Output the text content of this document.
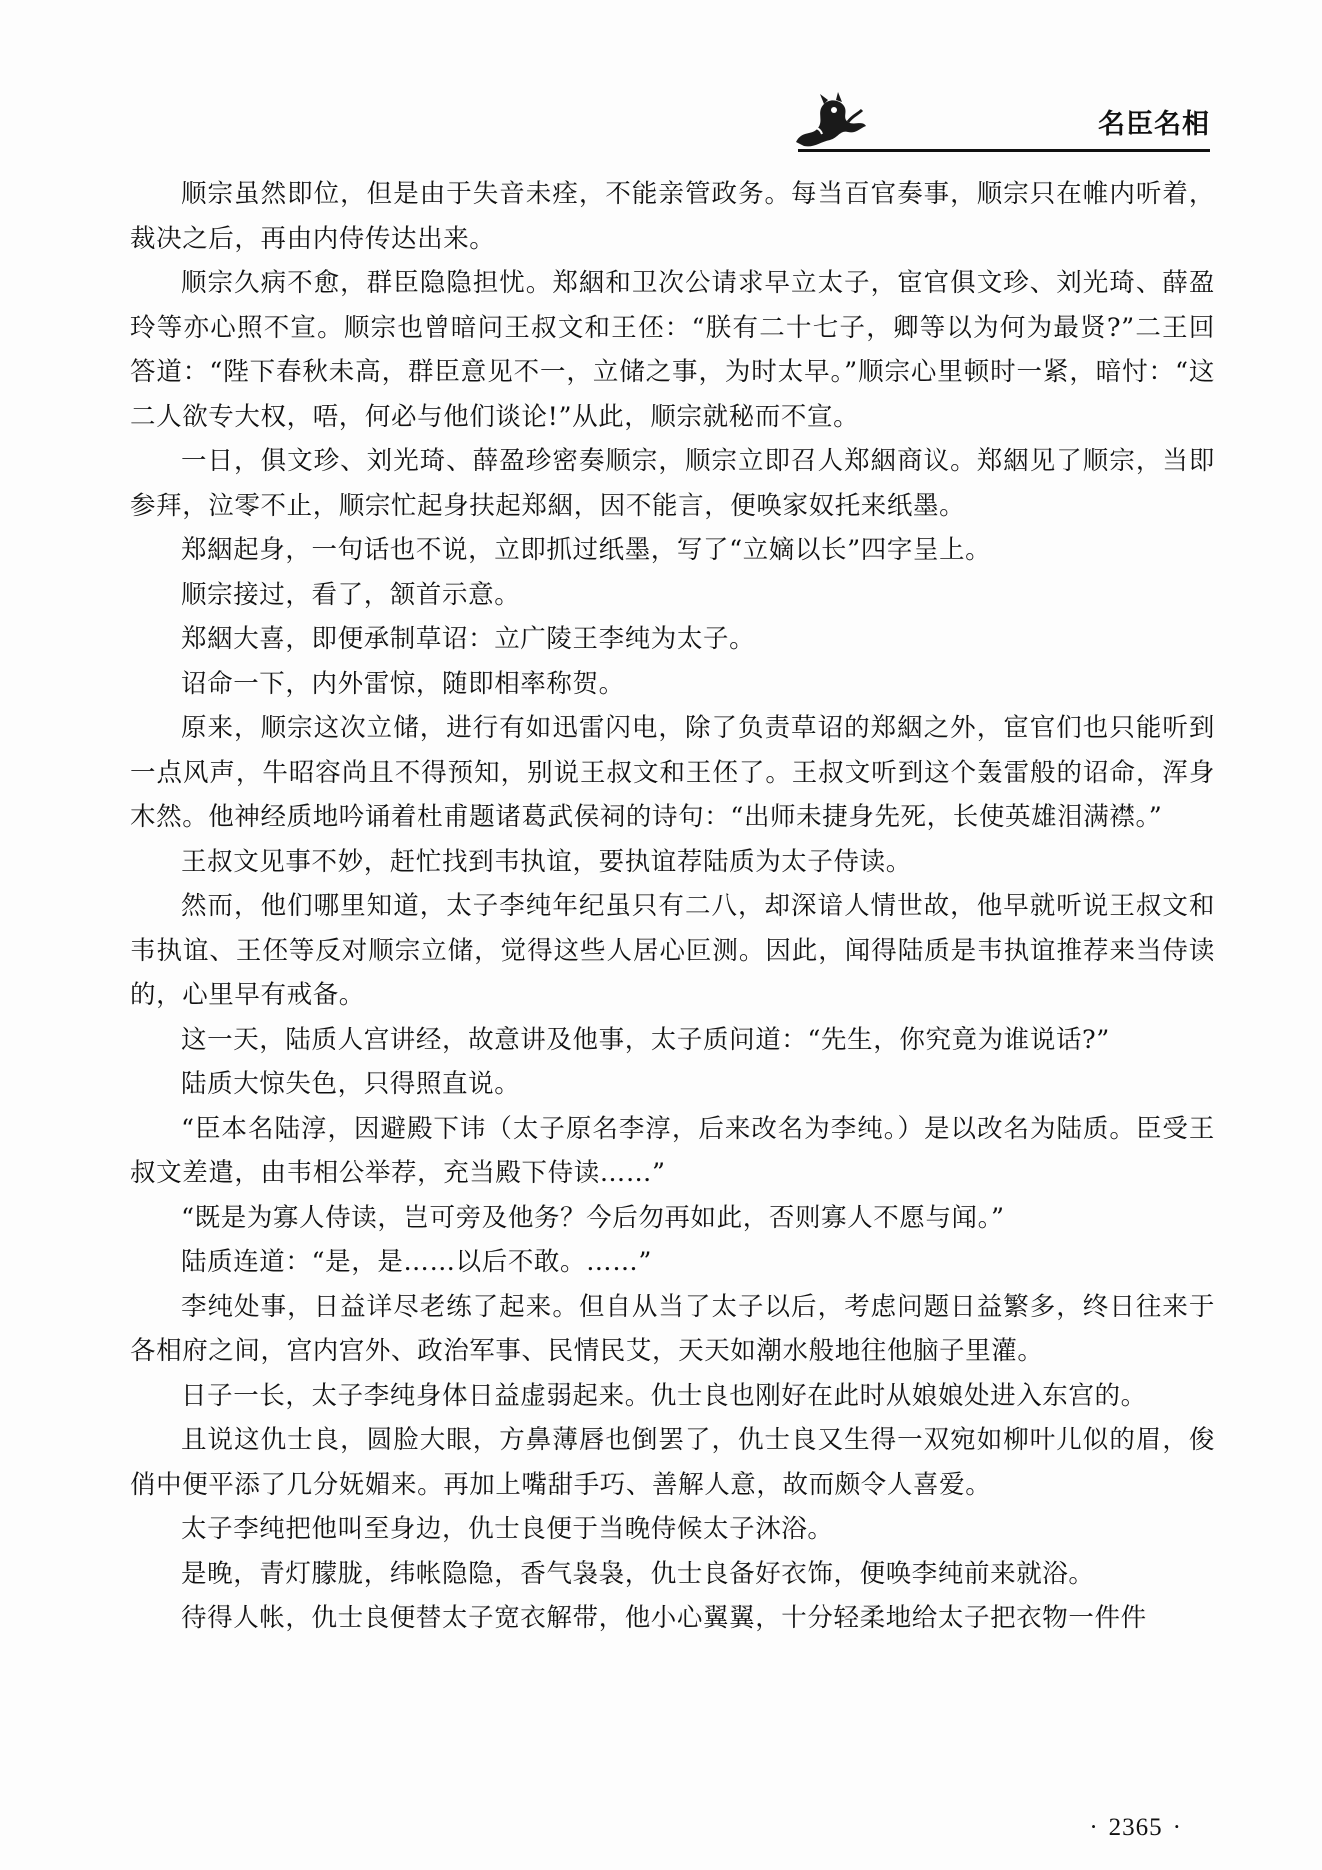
名臣名相

顺宗虽然即位，但是由于失音未痊，不能亲管政务。每当百官奏事，顺宗只在帷内听着，裁决之后，再由内侍传达出来。

顺宗久病不愈，群臣隐隐担忧。郑絪和卫次公请求早立太子，宦官俱文珍、刘光琦、薛盈玲等亦心照不宣。顺宗也曾暗问王叔文和王伾：“朕有二十七子，卿等以为何为最贤?”二王回答道：“陛下春秋未高，群臣意见不一，立储之事，为时太早。”顺宗心里顿时一紧，暗忖：“这二人欲专大权，唔，何必与他们谈论!”从此，顺宗就秘而不宣。

一日，俱文珍、刘光琦、薛盈珍密奏顺宗，顺宗立即召人郑絪商议。郑絪见了顺宗，当即参拜，泣零不止，顺宗忙起身扶起郑絪，因不能言，便唤家奴托来纸墨。

郑絪起身，一句话也不说，立即抓过纸墨，写了“立嫡以长”四字呈上。

顺宗接过，看了，颔首示意。

郑絪大喜，即便承制草诏：立广陵王李纯为太子。

诏命一下，内外雷惊，随即相率称贺。

原来，顺宗这次立储，进行有如迅雷闪电，除了负责草诏的郑絪之外，宦官们也只能听到一点风声，牛昭容尚且不得预知，别说王叔文和王伾了。王叔文听到这个轰雷般的诏命，浑身木然。他神经质地吟诵着杜甫题诸葛武侯祠的诗句：“出师未捷身先死，长使英雄泪满襟。”

王叔文见事不妙，赶忙找到韦执谊，要执谊荐陆质为太子侍读。

然而，他们哪里知道，太子李纯年纪虽只有二八，却深谙人情世故，他早就听说王叔文和韦执谊、王伾等反对顺宗立储，觉得这些人居心叵测。因此，闻得陆质是韦执谊推荐来当侍读的，心里早有戒备。

这一天，陆质人宫讲经，故意讲及他事，太子质问道：“先生，你究竟为谁说话?”

陆质大惊失色，只得照直说。

“臣本名陆淳，因避殿下讳（太子原名李淳，后来改名为李纯。）是以改名为陆质。臣受王叔文差遣，由韦相公举荐，充当殿下侍读……”

“既是为寡人侍读，岂可旁及他务？今后勿再如此，否则寡人不愿与闻。”

陆质连道：“是，是……以后不敢。……”

李纯处事，日益详尽老练了起来。但自从当了太子以后，考虑问题日益繁多，终日往来于各相府之间，宫内宫外、政治军事、民情民艾，天天如潮水般地往他脑子里灌。

日子一长，太子李纯身体日益虚弱起来。仇士良也刚好在此时从娘娘处进入东宫的。

且说这仇士良，圆脸大眼，方鼻薄唇也倒罢了，仇士良又生得一双宛如柳叶儿似的眉，俊俏中便平添了几分妩媚来。再加上嘴甜手巧、善解人意，故而颇令人喜爱。

太子李纯把他叫至身边，仇士良便于当晚侍候太子沐浴。

是晚，青灯朦胧，纬帐隐隐，香气袅袅，仇士良备好衣饰，便唤李纯前来就浴。

待得人帐，仇士良便替太子宽衣解带，他小心翼翼，十分轻柔地给太子把衣物一件件

· 2365 ·
